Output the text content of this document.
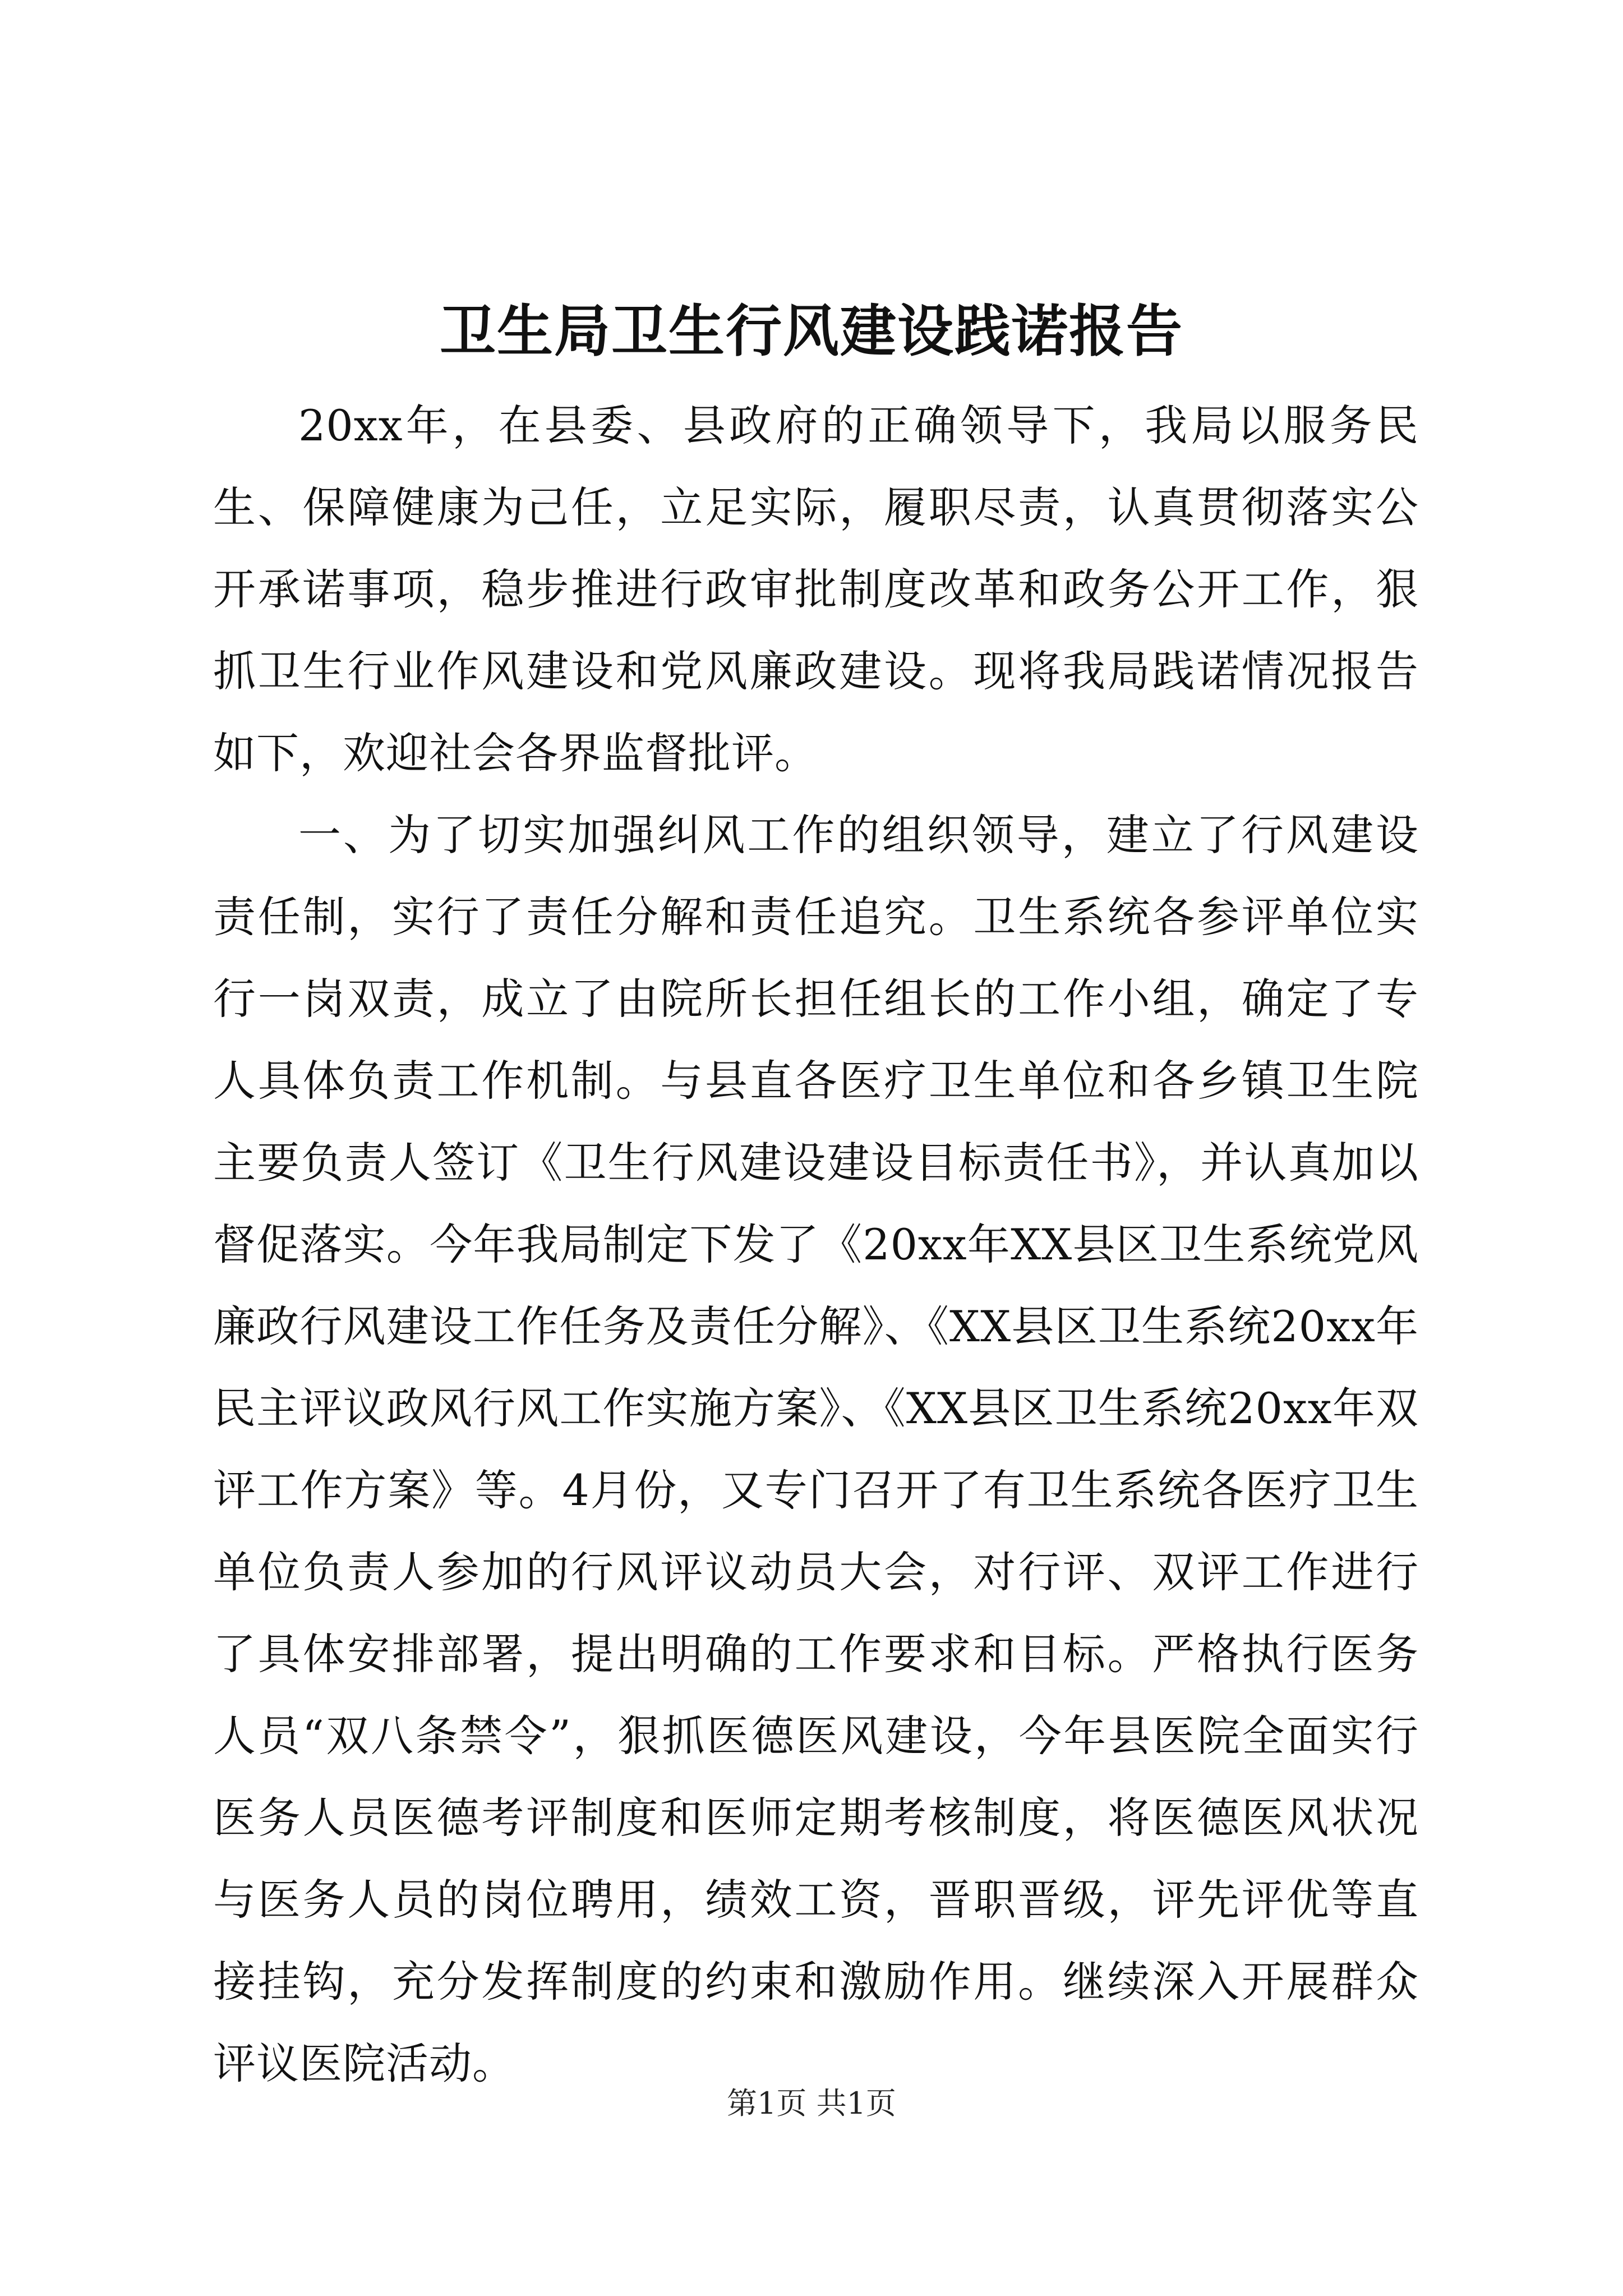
卫生局卫生行风建设践诺报告

20xx年，在县委、县政府的正确领导下，我局以服务民生、保障健康为己任，立足实际，履职尽责，认真贯彻落实公开承诺事项，稳步推进行政审批制度改革和政务公开工作，狠抓卫生行业作风建设和党风廉政建设。现将我局践诺情况报告如下，欢迎社会各界监督批评。

一、为了切实加强纠风工作的组织领导，建立了行风建设责任制，实行了责任分解和责任追究。卫生系统各参评单位实行一岗双责，成立了由院所长担任组长的工作小组，确定了专人具体负责工作机制。与县直各医疗卫生单位和各乡镇卫生院主要负责人签订《卫生行风建设建设目标责任书》，并认真加以督促落实。今年我局制定下发了《20xx年XX县区卫生系统党风廉政行风建设工作任务及责任分解》、《XX县区卫生系统20xx年民主评议政风行风工作实施方案》、《XX县区卫生系统20xx年双评工作方案》等。4月份，又专门召开了有卫生系统各医疗卫生单位负责人参加的行风评议动员大会，对行评、双评工作进行了具体安排部署，提出明确的工作要求和目标。严格执行医务人员“双八条禁令”，狠抓医德医风建设，今年县医院全面实行医务人员医德考评制度和医师定期考核制度，将医德医风状况与医务人员的岗位聘用，绩效工资，晋职晋级，评先评优等直接挂钩，充分发挥制度的约束和激励作用。继续深入开展群众评议医院活动。

第1页 共1页
